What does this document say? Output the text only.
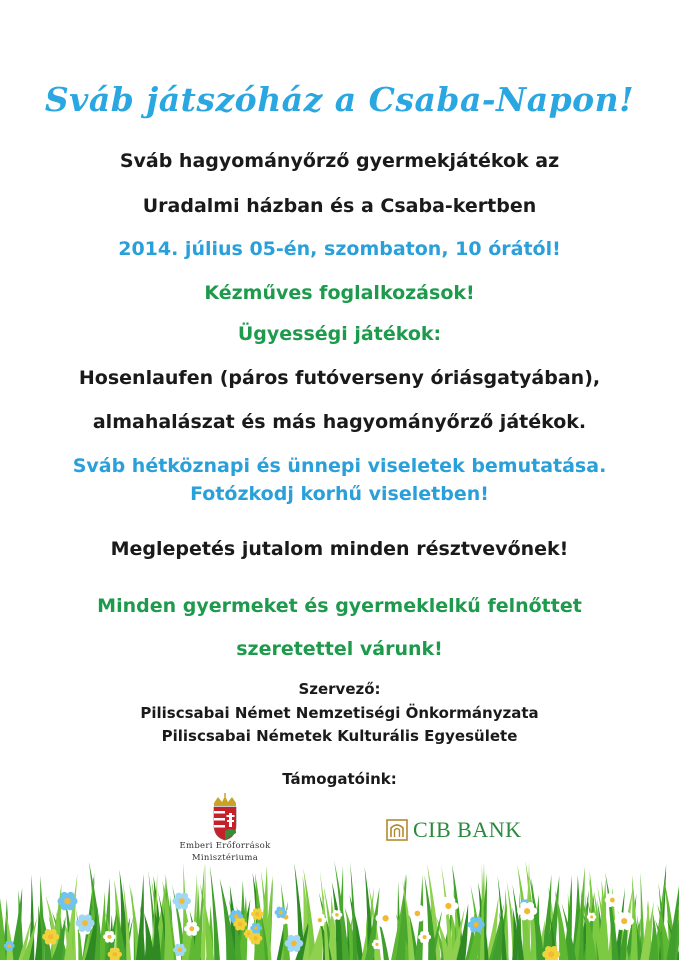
Sváb játszóház a Csaba-Napon!
Sváb hagyományőrző gyermekjátékok az
Uradalmi házban és a Csaba-kertben
2014. július 05-én, szombaton, 10 órától!
Kézműves foglalkozások!
Ügyességi játékok:
Hosenlaufen (páros futóverseny óriásgatyában),
almahalászat és más hagyományőrző játékok.
Sváb hétköznapi és ünnepi viseletek bemutatása.
Fotózkodj korhű viseletben!
Meglepetés jutalom minden résztvevőnek!
Minden gyermeket és gyermeklelkű felnőttet
szeretettel várunk!
Szervező:
Piliscsabai Német Nemzetiségi Önkormányzata
Piliscsabai Németek Kulturális Egyesülete
Támogatóink:
Emberi Erőforrások
Minisztériuma
CIB BANK
